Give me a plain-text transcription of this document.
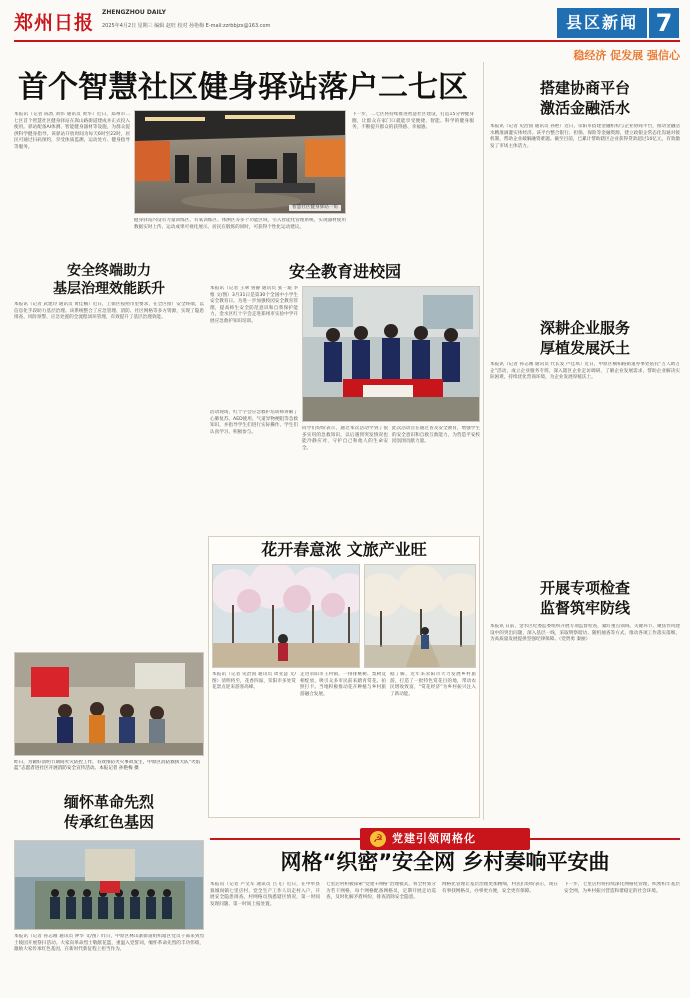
郑州日报 ZHENGZHOU DAILY
2025年4月2日 星期三 编辑 赵旺 校对 孙艳梅 E-mail:zzrbbjzx@163.com	县区新闻 7
首个智慧社区健身驿站落户二七区
本报讯（记者 陈凯 刘伟 通讯员 黄华）近日，郑州市二七区首个智慧社区健身驿站在嵩山路街道建成并正式投入使用。驿站配备AI体测、智能健身器材等设施，为群众提供科学健身指导。该驿站开放时间为每天6时至22时，居民可通过扫码预约，享受体质监测、运动处方、健身指导等服务。
智慧社区健身驿站一角
健身驿站内设有力量训练区、有氧训练区、体测区等多个功能区域，引入智能化管理系统，实现器材使用数据实时上传、运动成果可视化展示。居民在锻炼的同时，可获得个性化运动建议。
下一步，二七区将持续推进智慧社区建设，打造15分钟健身圈，让群众在家门口就能享受便捷、智能、科学的健身服务，不断提升群众的获得感、幸福感。
稳经济 促发展 强信心
搭建协商平台
激活金融活水
本报讯（记者 史治国 通讯员 孙艳）近日，荥阳市搭建金融机构与企业协商平台，推动金融活水精准滴灌实体经济。该平台整合银行、担保、保险等金融资源，建立政银企常态化沟通对接机制，帮助企业破解融资难题。截至目前，已累计帮助辖区企业获得贷款超过10亿元，有效激发了市场主体活力。
深耕企业服务
厚植发展沃土
本报讯（记者 孙志刚 通讯员 代长发 卢佳琪）近日，中原区桐柏路街道办事处依托“万人助万企”活动，成立企业服务专班，深入辖区企业走访调研，了解企业发展需求，帮助企业解决实际困难，持续优化营商环境，为企业发展厚植沃土。
开展专项检查
监督筑牢防线
本报讯 日前，金水区纪委监委组织开展专项监督检查，紧盯重点领域、关键环节，聚焦作风建设中的突出问题，深入基层一线，采取明察暗访、随机抽查等方式，推动各项工作落实落细，为高质量发展提供坚强纪律保障。（党贤勇 秦丽）
安全终端助力
基层治理效能跃升
本报讯（记者 武建玲 通讯员 黄佳楠）近日，上街区按照市里要求，在全区推广安全终端，以信息化手段助力基层治理。该系统整合了应急管理、消防、社区网格等多方资源，实现了隐患排查、风险预警、应急处置的全流程闭环管理，有效提升了基层治理效能。
昨日，为做好清明节期间火灾防控工作，有效预防火灾事故发生，中原区消防救援大队“火焰蓝”志愿者进社区开展消防安全宣传活动。本报记者 孙艳梅 摄
缅怀革命先烈
传承红色基因
本报讯（记者 孙志刚 通讯员 钟华 文/图）昨日，中原区林山寨街道组织辖区党员干部来到烈士陵园开展祭扫活动。大家向革命烈士敬献花篮，重温入党誓词，缅怀革命先烈的丰功伟绩，激励大家传承红色基因，在新时代新征程上担当作为。
安全教育进校园
本报讯（记者 王翠 鲁静 通讯员 张一迪 李惟 文/图）3月31日是第30个全国中小学生安全教育日。为进一步加强校园安全教育管理，提高师生安全防范意识和自我保护能力，金水区红十字会走进郑州市实验中学开展应急救护知识培训。
活动现场，红十字会应急救护培训师讲解了心肺复苏、AED使用、气道异物梗阻等急救知识，并指导学生们进行实际操作，学生们认真学习、积极参与。
同学们纷纷表示，通过本次活动学到了很多实用的急救知识，以后遇到突发情况也能冷静应对，守护自己和他人的生命安全。
此次活动旨在通过普及安全教育，增强学生的安全意识和自救互救能力，为营造平安校园氛围贡献力量。
花开春意浓 文旅产业旺
本报讯（记者 史治国 通讯员 周亚慧 文/图）清明将至，花香四溢，荥阳市多处赏花景点迎来游客高峰。
走进荥阳市王村镇，一排排桃树、梨树竞相绽放，吸引众多市民前来踏青赏花、拍照打卡。当地积极推动花卉种植与乡村旅游融合发展。
据了解，近年来荥阳市大力发展乡村旅游，打造了一批特色赏花目的地，带动农民增收致富，“赏花经济”为乡村振兴注入了新动能。
☭ 党建引领网格化
网格“织密”安全网 乡村奏响平安曲
本报讯（记者 卢文军 通讯员 吕飞）近日，在中牟县狼城岗镇七里店村，党全生产工作人员走村入户，开展安全隐患排查。村网格员熟悉辖区情况，第一时间发现问题、第一时间上报处置。
七里店村积极探索“党建+网格”治理模式，将全村划分为若干网格，每个网格配备网格员，定期开展走访巡查，及时化解矛盾纠纷，排查消除安全隐患。
网格化管理让基层治理更加精细，村民们纷纷表示，现在有事找网格员，办事更方便，安全更有保障。
下一步，七里店村将持续深化网格化管理，织密织牢基层安全网，为乡村振兴营造和谐稳定的社会环境。
